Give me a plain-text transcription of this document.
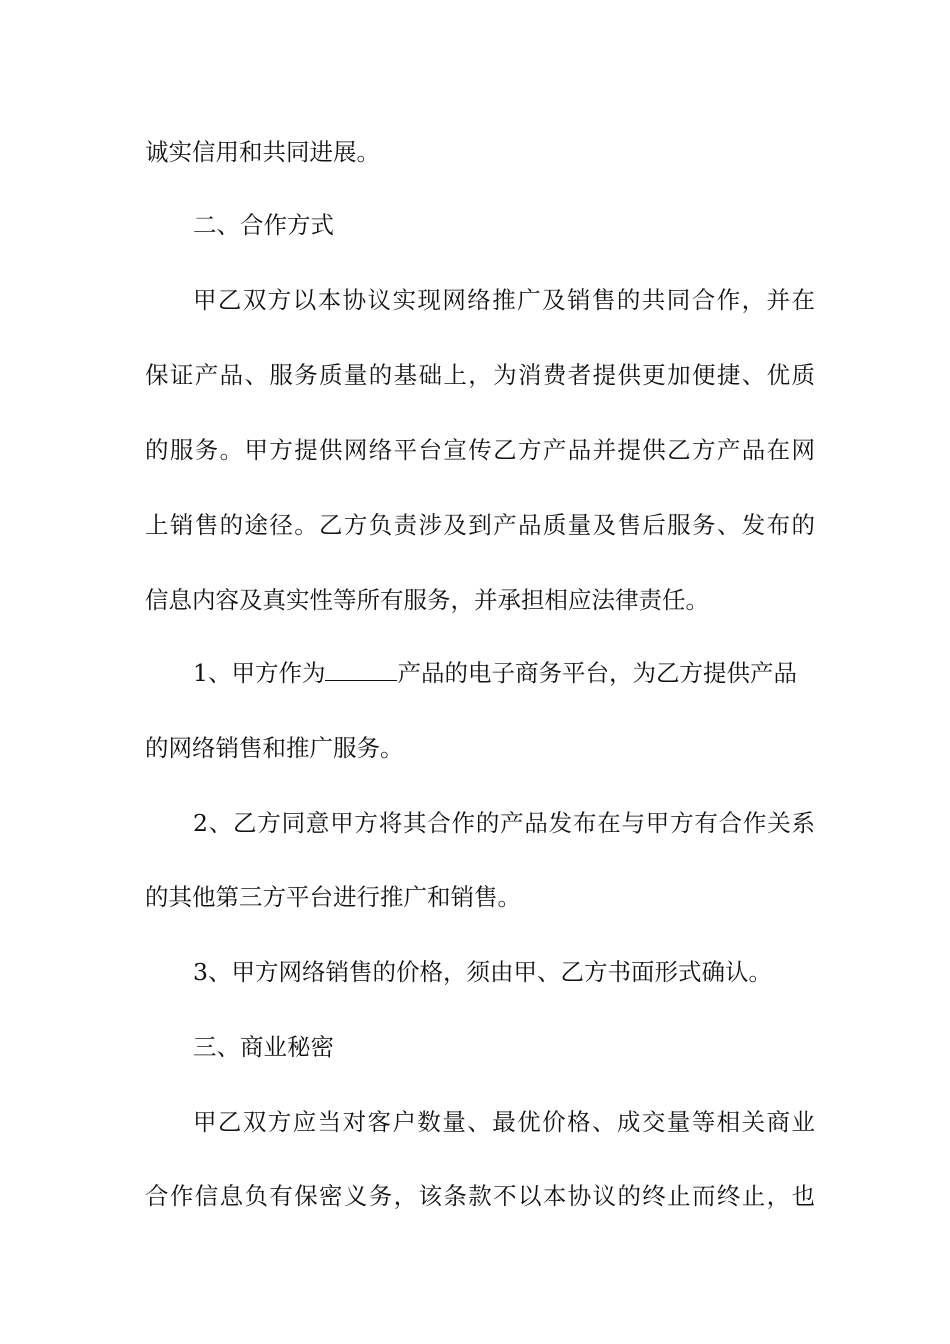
诚实信用和共同进展。
二、合作方式
甲乙双方以本协议实现网络推广及销售的共同合作，并在
保证产品、服务质量的基础上，为消费者提供更加便捷、优质
的服务。甲方提供网络平台宣传乙方产品并提供乙方产品在网
上销售的途径。乙方负责涉及到产品质量及售后服务、发布的
信息内容及真实性等所有服务，并承担相应法律责任。
1、甲方作为	产品的电子商务平台，为乙方提供产品
的网络销售和推广服务。
2、乙方同意甲方将其合作的产品发布在与甲方有合作关系
的其他第三方平台进行推广和销售。
3、甲方网络销售的价格，须由甲、乙方书面形式确认。
三、商业秘密
甲乙双方应当对客户数量、最优价格、成交量等相关商业
合作信息负有保密义务，该条款不以本协议的终止而终止，也
